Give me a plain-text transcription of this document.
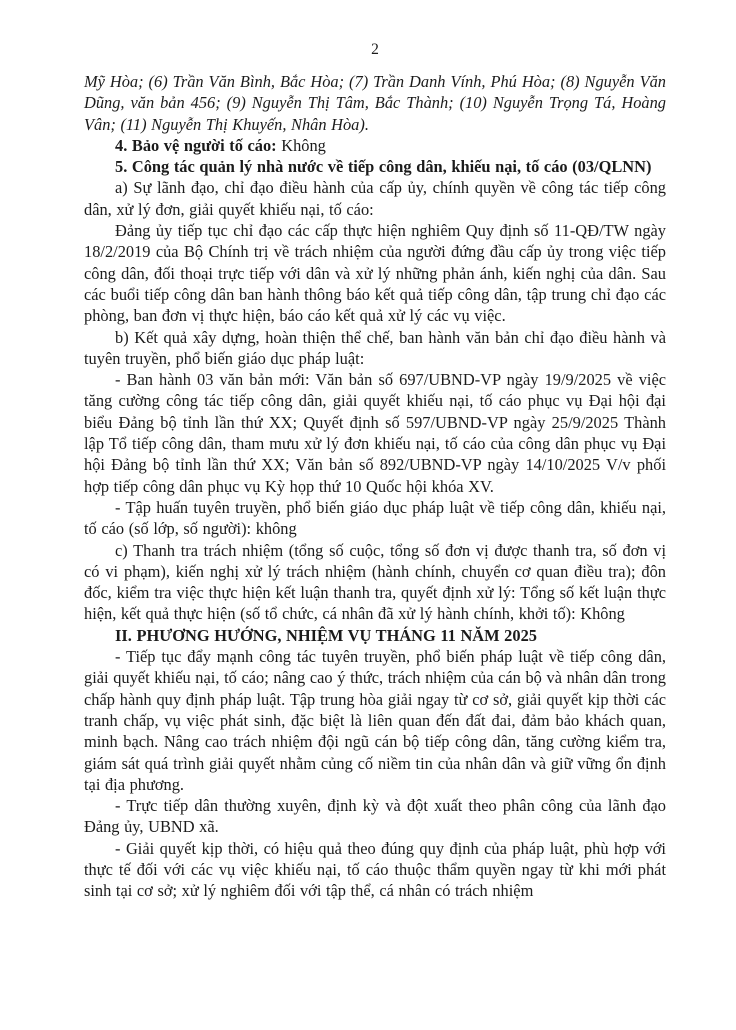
2

Mỹ Hòa; (6) Trần Văn Bình, Bắc Hòa; (7) Trần Danh Vính, Phú Hòa; (8) Nguyễn Văn Dũng, văn bản 456; (9) Nguyễn Thị Tâm, Bắc Thành; (10) Nguyễn Trọng Tá, Hoàng Vân; (11) Nguyễn Thị Khuyến, Nhân Hòa).

4. Bảo vệ người tố cáo: Không

5. Công tác quản lý nhà nước về tiếp công dân, khiếu nại, tố cáo (03/QLNN)

a) Sự lãnh đạo, chỉ đạo điều hành của cấp ủy, chính quyền về công tác tiếp công dân, xử lý đơn, giải quyết khiếu nại, tố cáo:

Đảng ủy tiếp tục chỉ đạo các cấp thực hiện nghiêm Quy định số 11-QĐ/TW ngày 18/2/2019 của Bộ Chính trị về trách nhiệm của người đứng đầu cấp ủy trong việc tiếp công dân, đối thoại trực tiếp với dân và xử lý những phản ánh, kiến nghị của dân. Sau các buổi tiếp công dân ban hành thông báo kết quả tiếp công dân, tập trung chỉ đạo các phòng, ban đơn vị thực hiện, báo cáo kết quả xử lý các vụ việc.

b) Kết quả xây dựng, hoàn thiện thể chế, ban hành văn bản chỉ đạo điều hành và tuyên truyền, phổ biến giáo dục pháp luật:

- Ban hành 03 văn bản mới: Văn bản số 697/UBND-VP ngày 19/9/2025 về việc tăng cường công tác tiếp công dân, giải quyết khiếu nại, tố cáo phục vụ Đại hội đại biểu Đảng bộ tỉnh lần thứ XX; Quyết định số 597/UBND-VP ngày 25/9/2025 Thành lập Tổ tiếp công dân, tham mưu xử lý đơn khiếu nại, tố cáo của công dân phục vụ Đại hội Đảng bộ tỉnh lần thứ XX; Văn bản số 892/UBND-VP ngày 14/10/2025 V/v phối hợp tiếp công dân phục vụ Kỳ họp thứ 10 Quốc hội khóa XV.

- Tập huấn tuyên truyền, phổ biến giáo dục pháp luật về tiếp công dân, khiếu nại, tố cáo (số lớp, số người): không

c) Thanh tra trách nhiệm (tổng số cuộc, tổng số đơn vị được thanh tra, số đơn vị có vi phạm), kiến nghị xử lý trách nhiệm (hành chính, chuyển cơ quan điều tra); đôn đốc, kiểm tra việc thực hiện kết luận thanh tra, quyết định xử lý: Tổng số kết luận thực hiện, kết quả thực hiện (số tổ chức, cá nhân đã xử lý hành chính, khởi tố): Không

II. PHƯƠNG HƯỚNG, NHIỆM VỤ THÁNG 11 NĂM 2025

- Tiếp tục đẩy mạnh công tác tuyên truyền, phổ biến pháp luật về tiếp công dân, giải quyết khiếu nại, tố cáo; nâng cao ý thức, trách nhiệm của cán bộ và nhân dân trong chấp hành quy định pháp luật. Tập trung hòa giải ngay từ cơ sở, giải quyết kịp thời các tranh chấp, vụ việc phát sinh, đặc biệt là liên quan đến đất đai, đảm bảo khách quan, minh bạch. Nâng cao trách nhiệm đội ngũ cán bộ tiếp công dân, tăng cường kiểm tra, giám sát quá trình giải quyết nhằm củng cố niềm tin của nhân dân và giữ vững ổn định tại địa phương.

- Trực tiếp dân thường xuyên, định kỳ và đột xuất theo phân công của lãnh đạo Đảng ủy, UBND xã.

- Giải quyết kịp thời, có hiệu quả theo đúng quy định của pháp luật, phù hợp với thực tế đối với các vụ việc khiếu nại, tố cáo thuộc thẩm quyền ngay từ khi mới phát sinh tại cơ sở; xử lý nghiêm đối với tập thể, cá nhân có trách nhiệm
